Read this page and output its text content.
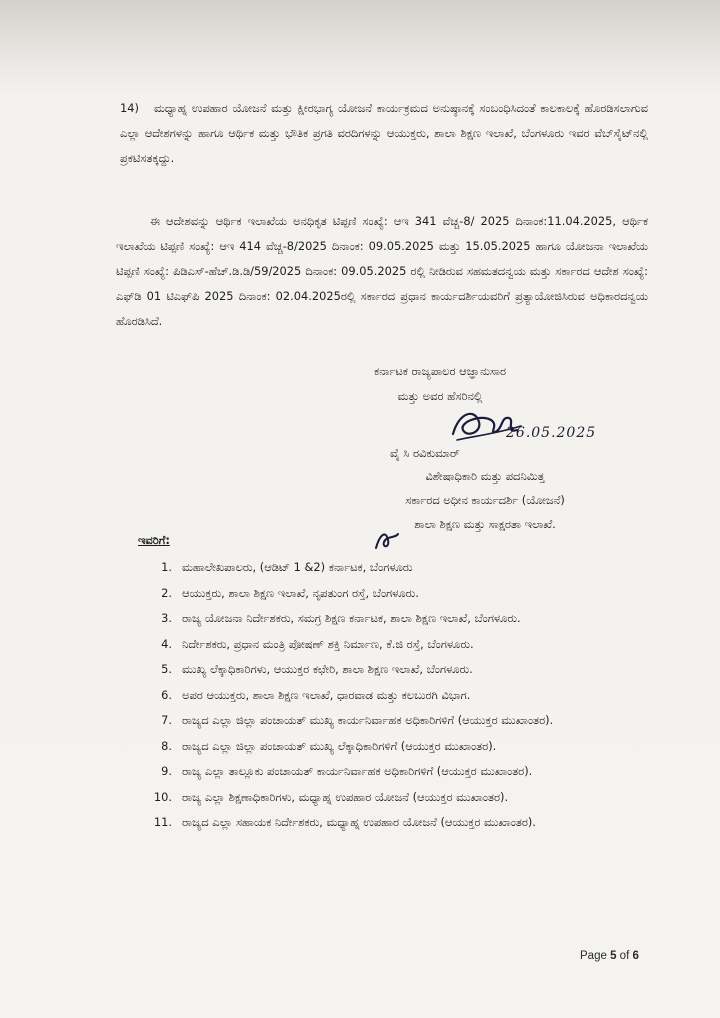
14)	ಮಧ್ಯಾಹ್ನ ಉಪಹಾರ ಯೋಜನೆ ಮತ್ತು ಕ್ಷೀರಭಾಗ್ಯ ಯೋಜನೆ ಕಾರ್ಯಕ್ರಮದ ಅನುಷ್ಠಾನಕ್ಕೆ ಸಂಬಂಧಿಸಿದಂತೆ ಕಾಲಕಾಲಕ್ಕೆ ಹೊರಡಿಸಲಾಗುವ ಎಲ್ಲಾ ಆದೇಶಗಳನ್ನು ಹಾಗೂ ಆರ್ಥಿಕ ಮತ್ತು ಭೌತಿಕ ಪ್ರಗತಿ ವರದಿಗಳನ್ನು ಆಯುಕ್ತರು, ಶಾಲಾ ಶಿಕ್ಷಣ ಇಲಾಖೆ, ಬೆಂಗಳೂರು ಇವರ ವೆಬ್‌ಸೈಟ್‌ನಲ್ಲಿ ಪ್ರಕಟಿಸತಕ್ಕದ್ದು.

ಈ ಆದೇಶವನ್ನು ಆರ್ಥಿಕ ಇಲಾಖೆಯ ಅನಧಿಕೃತ ಟಿಪ್ಪಣಿ ಸಂಖ್ಯೆ: ಆಇ 341 ವೆಚ್ಚ-8/ 2025 ದಿನಾಂಕ:11.04.2025, ಆರ್ಥಿಕ ಇಲಾಖೆಯ ಟಿಪ್ಪಣಿ ಸಂಖ್ಯೆ: ಆಇ 414 ವೆಚ್ಚ-8/2025 ದಿನಾಂಕ: 09.05.2025 ಮತ್ತು 15.05.2025 ಹಾಗೂ ಯೋಜನಾ ಇಲಾಖೆಯ ಟಿಪ್ಪಣಿ ಸಂಖ್ಯೆ: ಪಿಡಿಎಸ್-ಹೆಚ್.ಡಿ.ಡಿ/59/2025 ದಿನಾಂಕ: 09.05.2025 ರಲ್ಲಿ ನೀಡಿರುವ ಸಹಮತದನ್ವಯ ಮತ್ತು ಸರ್ಕಾರದ ಆದೇಶ ಸಂಖ್ಯೆ: ಎಫ್‌ಡಿ 01 ಟಿಎಫ್‌ಪಿ 2025 ದಿನಾಂಕ: 02.04.2025ರಲ್ಲಿ ಸರ್ಕಾರದ ಪ್ರಧಾನ ಕಾರ್ಯದರ್ಶಿಯವರಿಗೆ ಪ್ರತ್ಯಾಯೋಜಿಸಿರುವ ಅಧಿಕಾರದನ್ವಯ ಹೊರಡಿಸಿದೆ.

ಕರ್ನಾಟಕ ರಾಜ್ಯಪಾಲರ ಆಜ್ಞಾನುಸಾರ
ಮತ್ತು ಅವರ ಹೆಸರಿನಲ್ಲಿ
26.05.2025
ವೈ ಸಿ ರವಿಕುಮಾರ್
ವಿಶೇಷಾಧಿಕಾರಿ ಮತ್ತು ಪದನಿಮಿತ್ತ
ಸರ್ಕಾರದ ಅಧೀನ ಕಾರ್ಯದರ್ಶಿ (ಯೋಜನೆ)
ಶಾಲಾ ಶಿಕ್ಷಣ ಮತ್ತು ಸಾಕ್ಷರತಾ ಇಲಾಖೆ.
ಇವರಿಗೆ:
1. ಮಹಾಲೇಖಪಾಲರು, (ಆಡಿಟ್ 1 &2) ಕರ್ನಾಟಕ, ಬೆಂಗಳೂರು
2. ಆಯುಕ್ತರು, ಶಾಲಾ ಶಿಕ್ಷಣ ಇಲಾಖೆ, ನೃಪತುಂಗ ರಸ್ತೆ, ಬೆಂಗಳೂರು.
3. ರಾಜ್ಯ ಯೋಜನಾ ನಿರ್ದೇಶಕರು, ಸಮಗ್ರ ಶಿಕ್ಷಣ ಕರ್ನಾಟಕ, ಶಾಲಾ ಶಿಕ್ಷಣ ಇಲಾಖೆ, ಬೆಂಗಳೂರು.
4. ನಿರ್ದೇಶಕರು, ಪ್ರಧಾನ ಮಂತ್ರಿ ಪೋಷಣ್ ಶಕ್ತಿ ನಿರ್ಮಾಣ, ಕೆ.ಜಿ ರಸ್ತೆ, ಬೆಂಗಳೂರು.
5. ಮುಖ್ಯ ಲೆಕ್ಕಾಧಿಕಾರಿಗಳು, ಆಯುಕ್ತರ ಕಛೇರಿ, ಶಾಲಾ ಶಿಕ್ಷಣ ಇಲಾಖೆ, ಬೆಂಗಳೂರು.
6. ಅಪರ ಆಯುಕ್ತರು, ಶಾಲಾ ಶಿಕ್ಷಣ ಇಲಾಖೆ, ಧಾರವಾಡ ಮತ್ತು ಕಲಬುರಗಿ ವಿಭಾಗ.
7. ರಾಜ್ಯದ ಎಲ್ಲಾ ಜಿಲ್ಲಾ ಪಂಚಾಯತ್ ಮುಖ್ಯ ಕಾರ್ಯನಿರ್ವಾಹಕ ಅಧಿಕಾರಿಗಳಿಗೆ (ಆಯುಕ್ತರ ಮುಖಾಂತರ).
8. ರಾಜ್ಯದ ಎಲ್ಲಾ ಜಿಲ್ಲಾ ಪಂಚಾಯತ್ ಮುಖ್ಯ ಲೆಕ್ಕಾಧಿಕಾರಿಗಳಿಗೆ (ಆಯುಕ್ತರ ಮುಖಾಂತರ).
9. ರಾಜ್ಯ ಎಲ್ಲಾ ತಾಲ್ಲೂಕು ಪಂಚಾಯತ್ ಕಾರ್ಯನಿರ್ವಾಹಕ ಅಧಿಕಾರಿಗಳಿಗೆ (ಆಯುಕ್ತರ ಮುಖಾಂತರ).
10. ರಾಜ್ಯ ಎಲ್ಲಾ ಶಿಕ್ಷಣಾಧಿಕಾರಿಗಳು, ಮಧ್ಯಾಹ್ನ ಉಪಹಾರ ಯೋಜನೆ (ಆಯುಕ್ತರ ಮುಖಾಂತರ).
11. ರಾಜ್ಯದ ಎಲ್ಲಾ ಸಹಾಯಕ ನಿರ್ದೇಶಕರು, ಮಧ್ಯಾಹ್ನ ಉಪಹಾರ ಯೋಜನೆ (ಆಯುಕ್ತರ ಮುಖಾಂತರ).
Page 5 of 6
